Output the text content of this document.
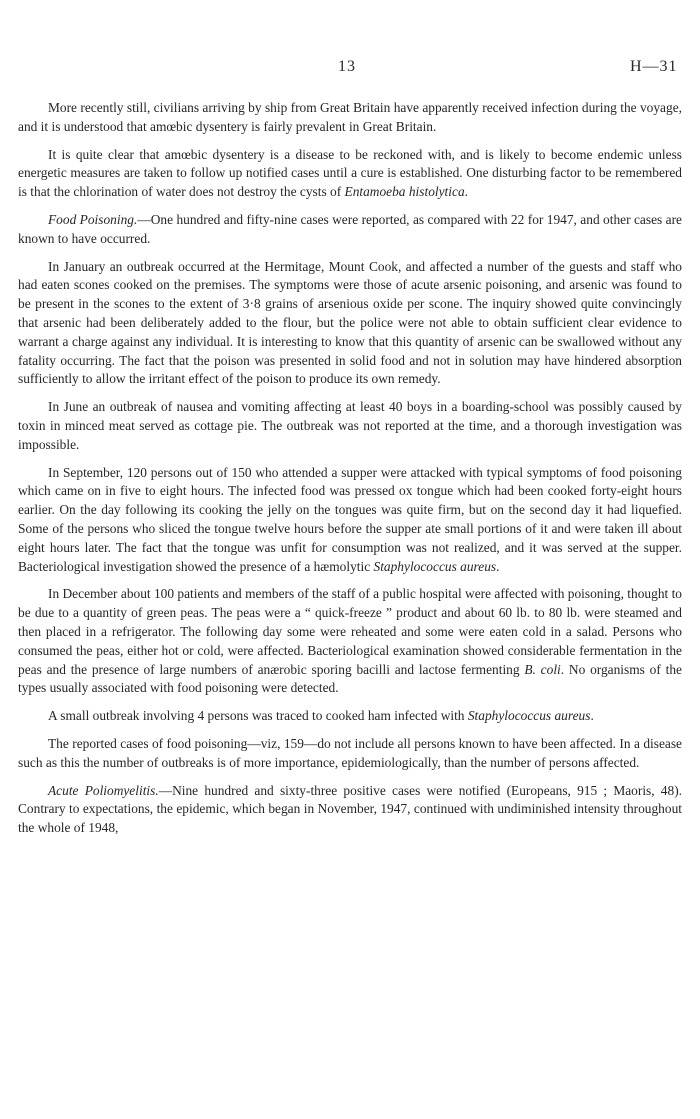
13	H—31

More recently still, civilians arriving by ship from Great Britain have apparently received infection during the voyage, and it is understood that amœbic dysentery is fairly prevalent in Great Britain.

It is quite clear that amœbic dysentery is a disease to be reckoned with, and is likely to become endemic unless energetic measures are taken to follow up notified cases until a cure is established. One disturbing factor to be remembered is that the chlorination of water does not destroy the cysts of Entamoeba histolytica.

Food Poisoning.—One hundred and fifty-nine cases were reported, as compared with 22 for 1947, and other cases are known to have occurred.

In January an outbreak occurred at the Hermitage, Mount Cook, and affected a number of the guests and staff who had eaten scones cooked on the premises. The symptoms were those of acute arsenic poisoning, and arsenic was found to be present in the scones to the extent of 3·8 grains of arsenious oxide per scone. The inquiry showed quite convincingly that arsenic had been deliberately added to the flour, but the police were not able to obtain sufficient clear evidence to warrant a charge against any individual. It is interesting to know that this quantity of arsenic can be swallowed without any fatality occurring. The fact that the poison was presented in solid food and not in solution may have hindered absorption sufficiently to allow the irritant effect of the poison to produce its own remedy.

In June an outbreak of nausea and vomiting affecting at least 40 boys in a boarding-school was possibly caused by toxin in minced meat served as cottage pie. The outbreak was not reported at the time, and a thorough investigation was impossible.

In September, 120 persons out of 150 who attended a supper were attacked with typical symptoms of food poisoning which came on in five to eight hours. The infected food was pressed ox tongue which had been cooked forty-eight hours earlier. On the day following its cooking the jelly on the tongues was quite firm, but on the second day it had liquefied. Some of the persons who sliced the tongue twelve hours before the supper ate small portions of it and were taken ill about eight hours later. The fact that the tongue was unfit for consumption was not realized, and it was served at the supper. Bacteriological investigation showed the presence of a hæmolytic Staphylococcus aureus.

In December about 100 patients and members of the staff of a public hospital were affected with poisoning, thought to be due to a quantity of green peas. The peas were a “ quick-freeze ” product and about 60 lb. to 80 lb. were steamed and then placed in a refrigerator. The following day some were reheated and some were eaten cold in a salad. Persons who consumed the peas, either hot or cold, were affected. Bacteriological examination showed considerable fermentation in the peas and the presence of large numbers of anærobic sporing bacilli and lactose fermenting B. coli. No organisms of the types usually associated with food poisoning were detected.

A small outbreak involving 4 persons was traced to cooked ham infected with Staphylococcus aureus.

The reported cases of food poisoning—viz, 159—do not include all persons known to have been affected. In a disease such as this the number of outbreaks is of more importance, epidemiologically, than the number of persons affected.

Acute Poliomyelitis.—Nine hundred and sixty-three positive cases were notified (Europeans, 915 ; Maoris, 48). Contrary to expectations, the epidemic, which began in November, 1947, continued with undiminished intensity throughout the whole of 1948,
